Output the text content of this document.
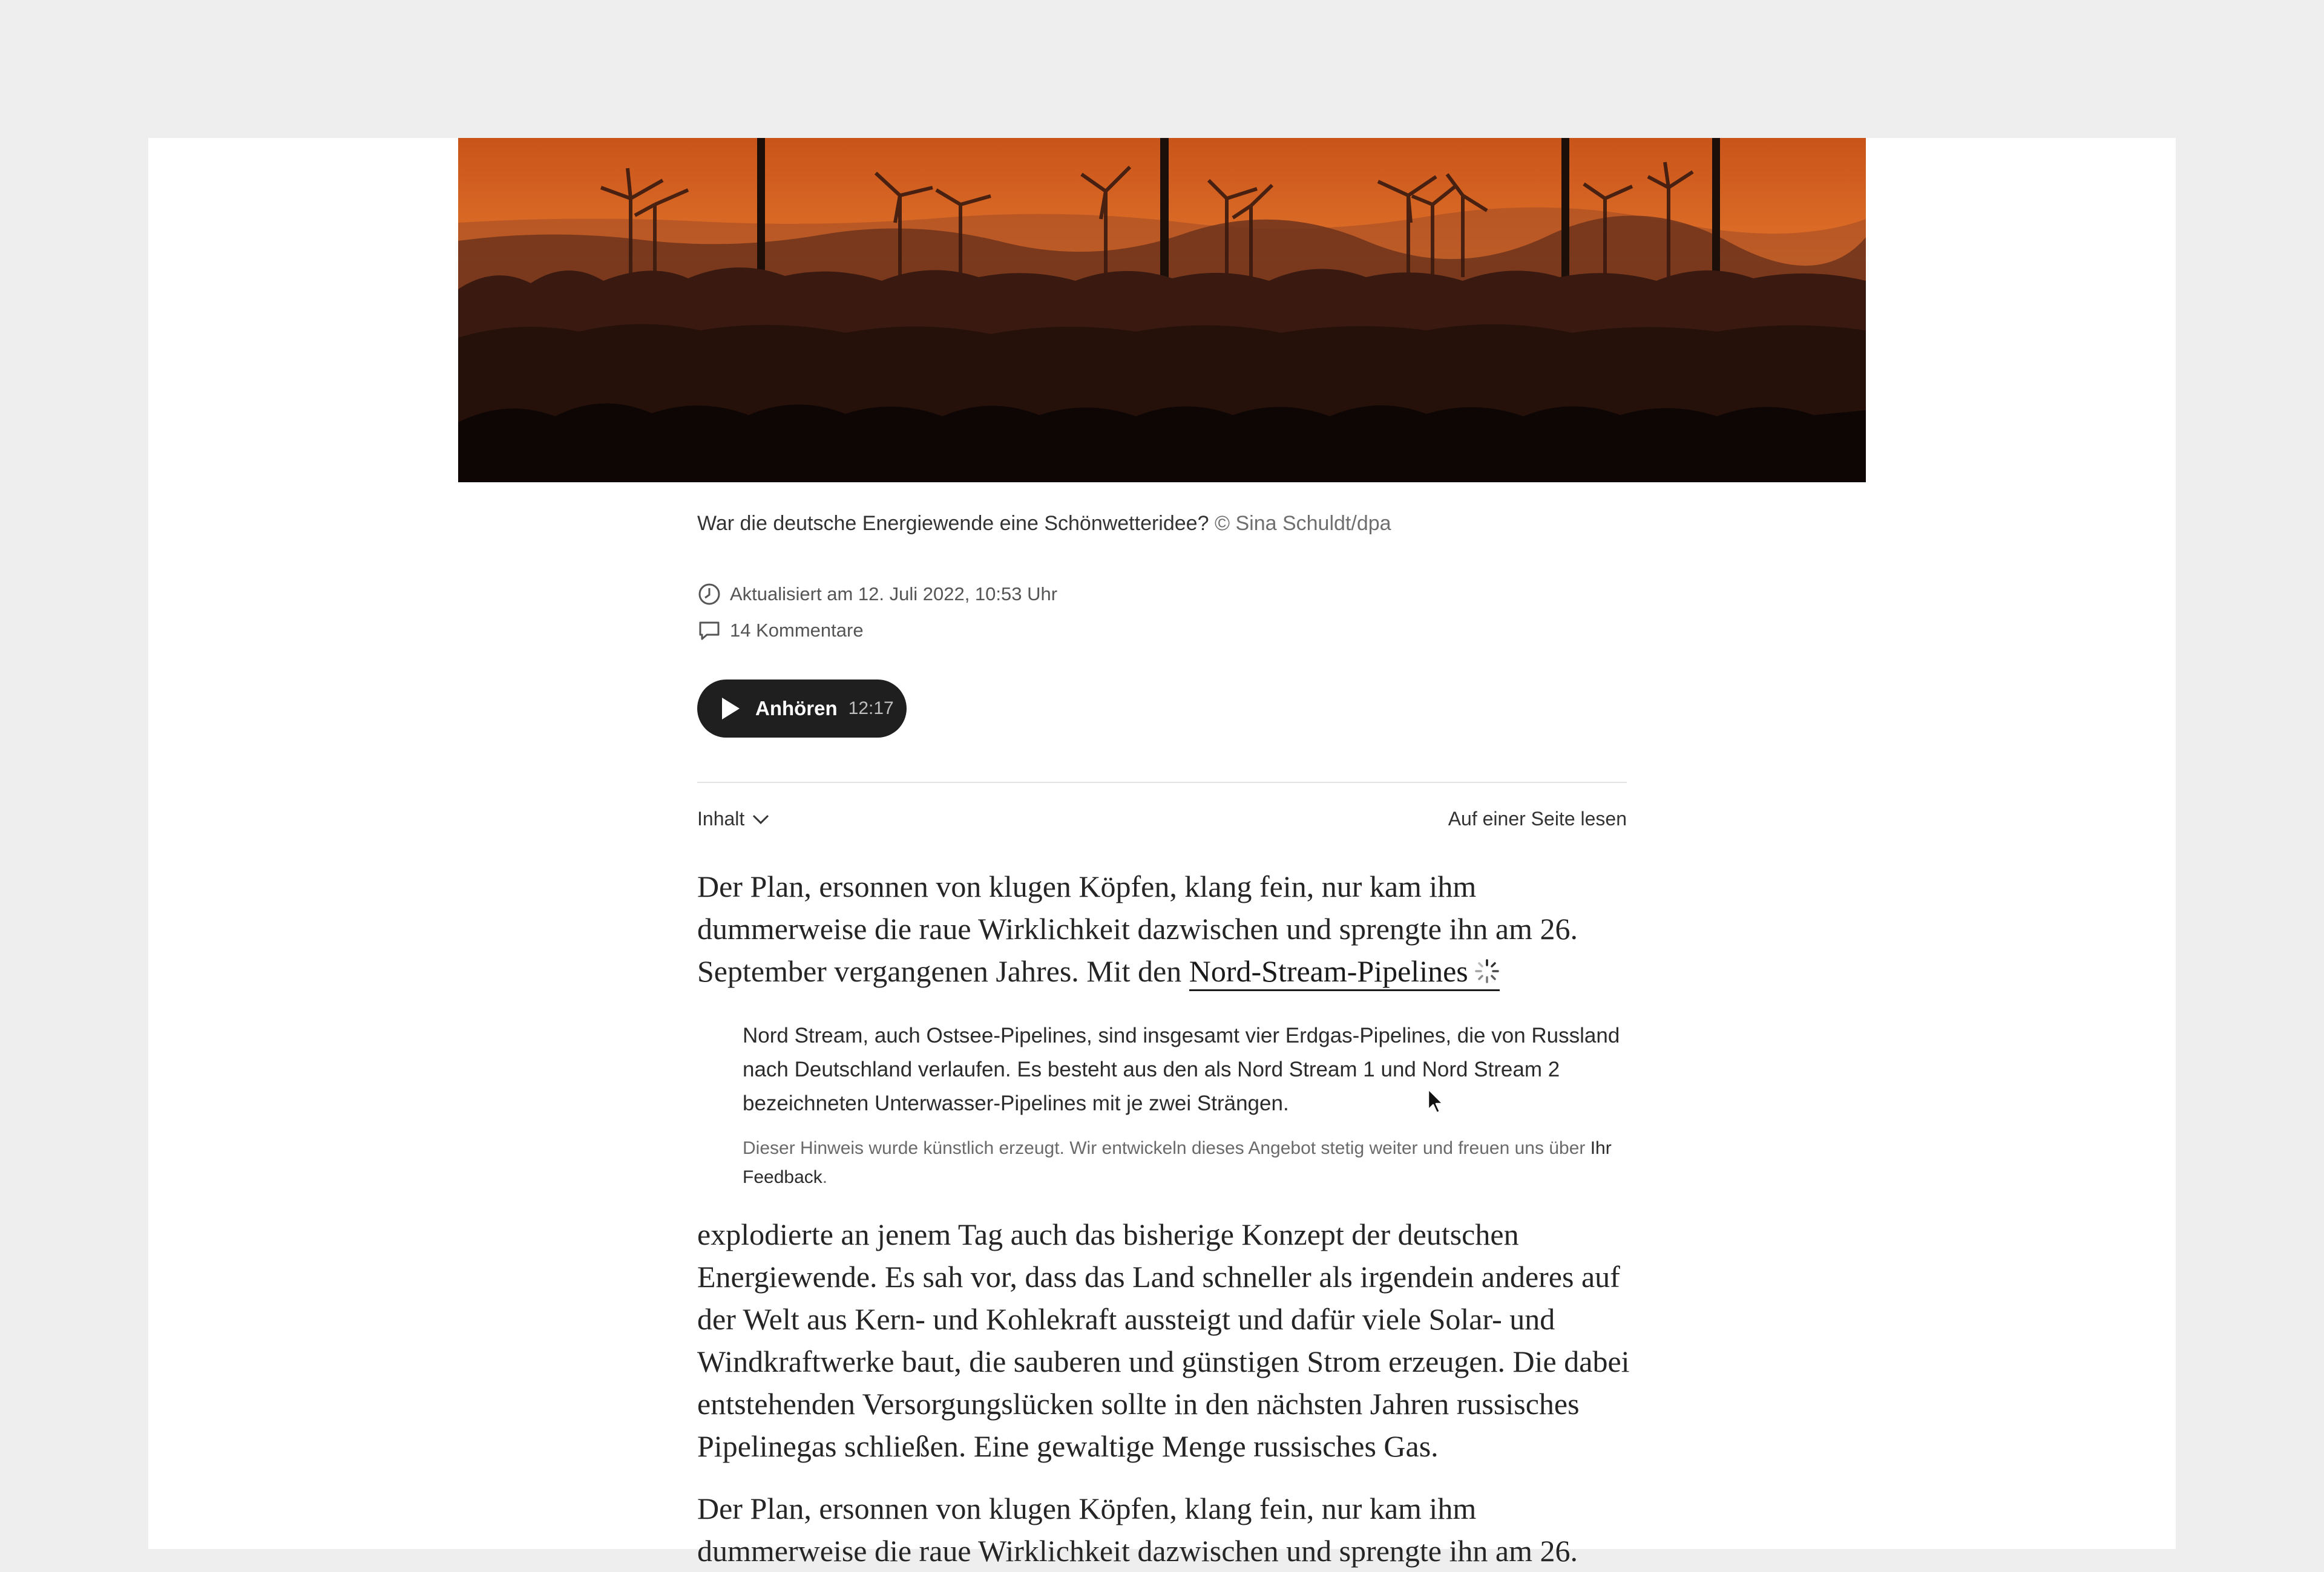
War die deutsche Energiewende eine Schönwetteridee? © Sina Schuldt/dpa
Inhalt	Auf einer Seite lesen

Der Plan, ersonnen von klugen Köpfen, klang fein, nur kam ihm dummerweise die raue Wirklichkeit dazwischen und sprengte ihn am 26. September vergangenen Jahres. Mit den Nord-Stream-Pipelines

Nord Stream, auch Ostsee-Pipelines, sind insgesamt vier Erdgas-Pipelines, die von Russland nach Deutschland verlaufen. Es besteht aus den als Nord Stream 1 und Nord Stream 2 bezeichneten Unterwasser-Pipelines mit je zwei Strängen.

Dieser Hinweis wurde künstlich erzeugt. Wir entwickeln dieses Angebot stetig weiter und freuen uns über Ihr Feedback.

explodierte an jenem Tag auch das bisherige Konzept der deutschen Energiewende. Es sah vor, dass das Land schneller als irgendein anderes auf der Welt aus Kern- und Kohlekraft aussteigt und dafür viele Solar- und Windkraftwerke baut, die sauberen und günstigen Strom erzeugen. Die dabei entstehenden Versorgungslücken sollte in den nächsten Jahren russisches Pipelinegas schließen. Eine gewaltige Menge russisches Gas.

Der Plan, ersonnen von klugen Köpfen, klang fein, nur kam ihm dummerweise die raue Wirklichkeit dazwischen und sprengte ihn am 26.

Aktualisiert am 12. Juli 2022, 10:53 Uhr
14 Kommentare
Anhören 12:17
